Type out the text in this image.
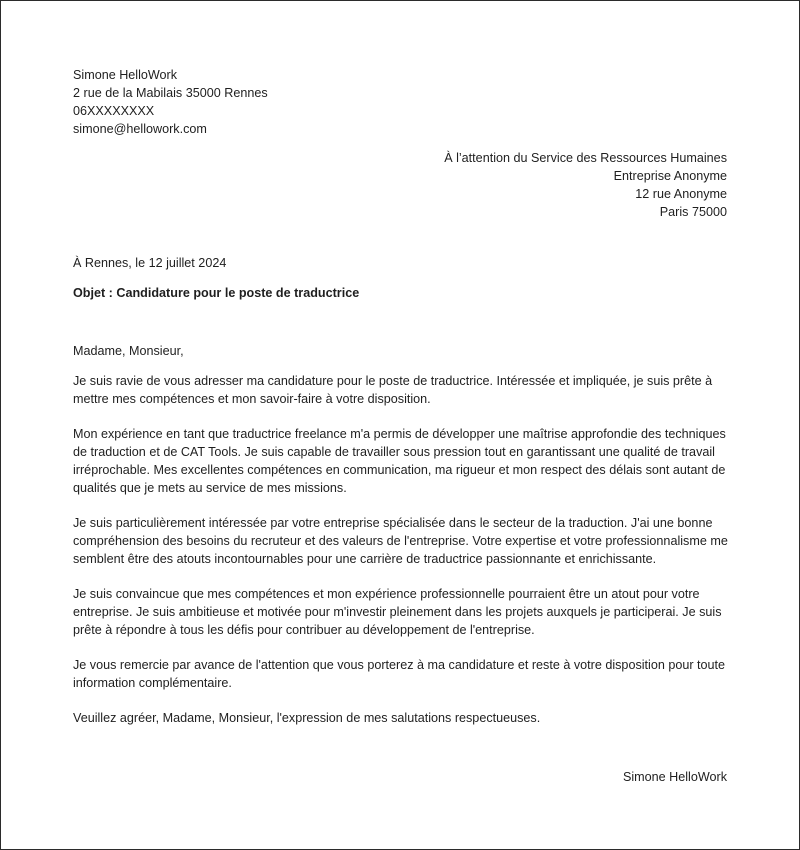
Simone HelloWork
2 rue de la Mabilais 35000 Rennes
06XXXXXXXX
simone@hellowork.com
À l’attention du Service des Ressources Humaines
Entreprise Anonyme
12 rue Anonyme
Paris 75000
À Rennes, le 12 juillet 2024
Objet : Candidature pour le poste de traductrice

Madame, Monsieur,

Je suis ravie de vous adresser ma candidature pour le poste de traductrice. Intéressée et impliquée, je suis prête à mettre mes compétences et mon savoir-faire à votre disposition.

Mon expérience en tant que traductrice freelance m'a permis de développer une maîtrise approfondie des techniques de traduction et de CAT Tools. Je suis capable de travailler sous pression tout en garantissant une qualité de travail irréprochable. Mes excellentes compétences en communication, ma rigueur et mon respect des délais sont autant de qualités que je mets au service de mes missions.

Je suis particulièrement intéressée par votre entreprise spécialisée dans le secteur de la traduction. J'ai une bonne compréhension des besoins du recruteur et des valeurs de l'entreprise. Votre expertise et votre professionnalisme me semblent être des atouts incontournables pour une carrière de traductrice passionnante et enrichissante.

Je suis convaincue que mes compétences et mon expérience professionnelle pourraient être un atout pour votre entreprise. Je suis ambitieuse et motivée pour m'investir pleinement dans les projets auxquels je participerai. Je suis prête à répondre à tous les défis pour contribuer au développement de l'entreprise.

Je vous remercie par avance de l'attention que vous porterez à ma candidature et reste à votre disposition pour toute information complémentaire.

Veuillez agréer, Madame, Monsieur, l'expression de mes salutations respectueuses.

Simone HelloWork
